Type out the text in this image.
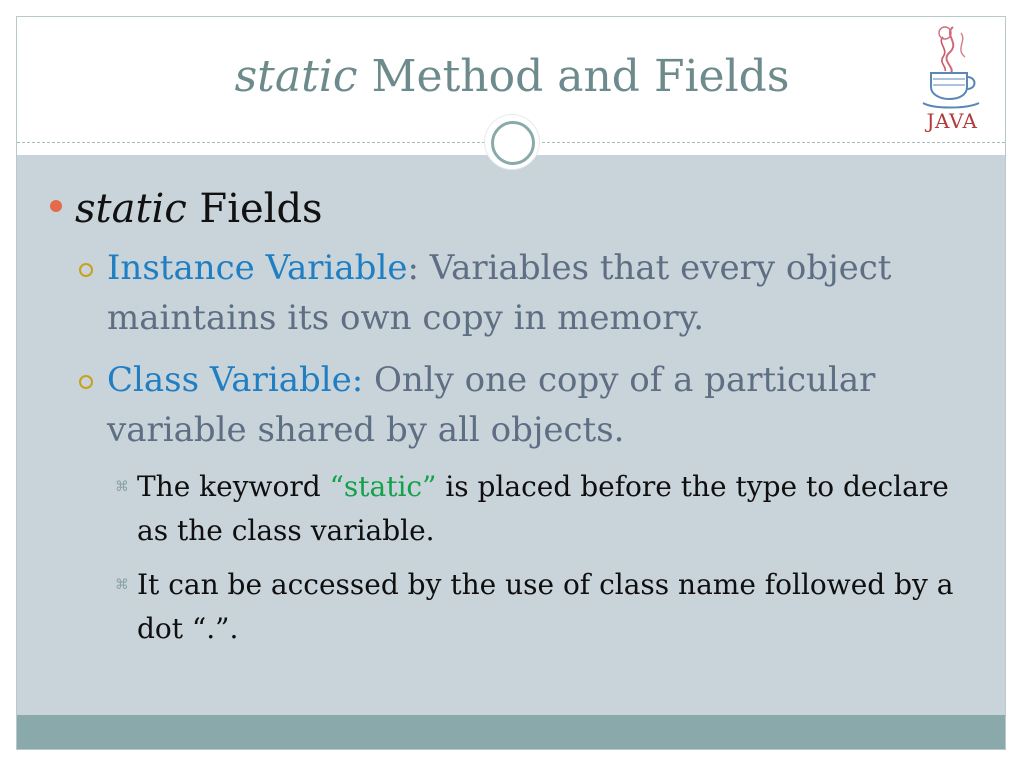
static Method and Fields
JAVA
static Fields
Instance Variable: Variables that every object maintains its own copy in memory.
Class Variable: Only one copy of a particular variable shared by all objects.
⌘ The keyword “static” is placed before the type to declare as the class variable.
⌘ It can be accessed by the use of class name followed by a dot “.”.
